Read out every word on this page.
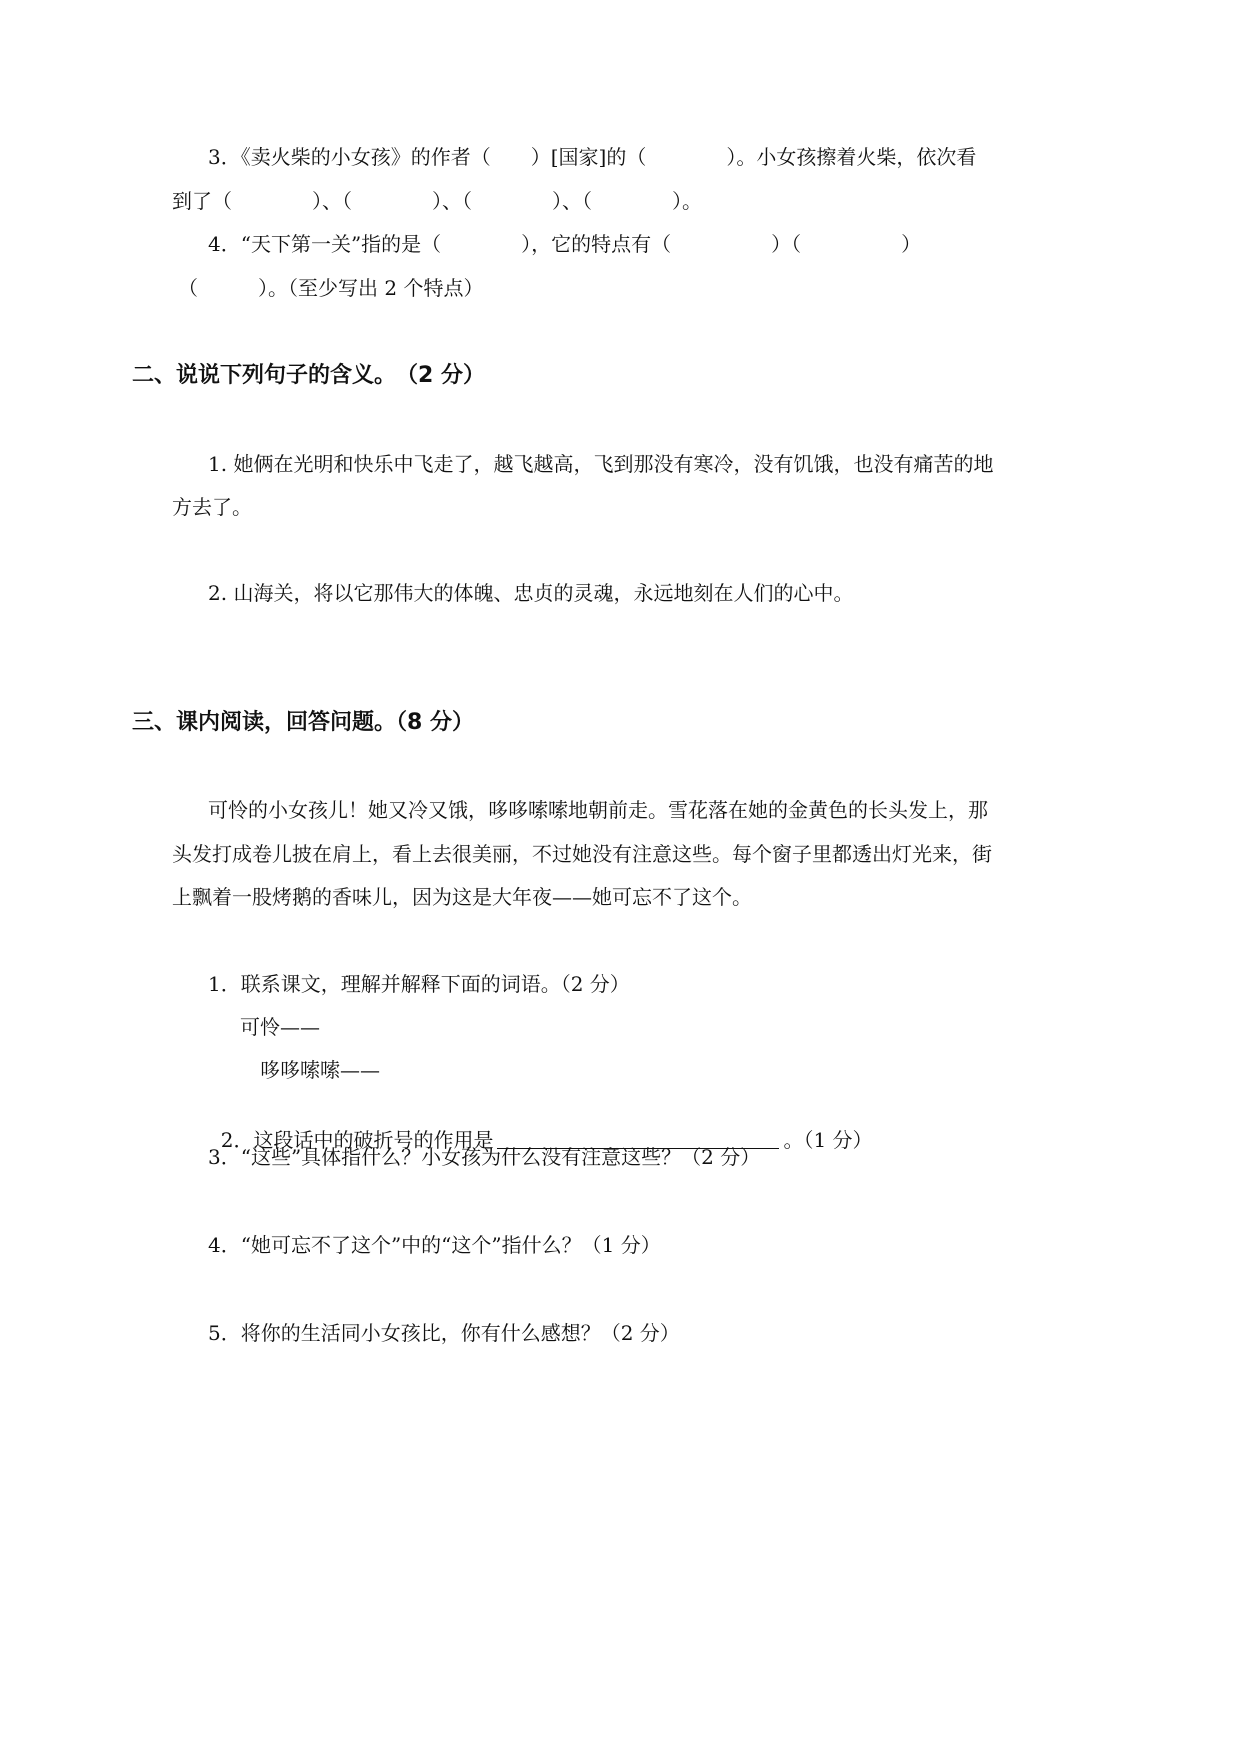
3．《卖火柴的小女孩》的作者（　　）[国家]的（　　　　）。小女孩擦着火柴，依次看
到了（　　　　）、（　　　　）、（　　　　）、（　　　　）。
4．“天下第一关”指的是（　　　　），它的特点有（　　　　　）（　　　　　）
（　　　）。（至少写出 2 个特点）
二、说说下列句子的含义。　（2 分）
1. 她俩在光明和快乐中飞走了，越飞越高，飞到那没有寒冷，没有饥饿，也没有痛苦的地
方去了。
2. 山海关，将以它那伟大的体魄、忠贞的灵魂，永远地刻在人们的心中。
三、课内阅读，回答问题。（8 分）
可怜的小女孩儿！她又冷又饿，哆哆嗦嗦地朝前走。雪花落在她的金黄色的长头发上，那
头发打成卷儿披在肩上，看上去很美丽，不过她没有注意这些。每个窗子里都透出灯光来，街
上飘着一股烤鹅的香味儿，因为这是大年夜——她可忘不了这个。
1．联系课文，理解并解释下面的词语。（2 分）
可怜——
哆哆嗦嗦——

2．这段话中的破折号的作用是	。（1 分）

3．“这些”具体指什么？小女孩为什么没有注意这些？（2 分）
4．“她可忘不了这个”中的“这个”指什么？（1 分）
5．将你的生活同小女孩比，你有什么感想？（2 分）
